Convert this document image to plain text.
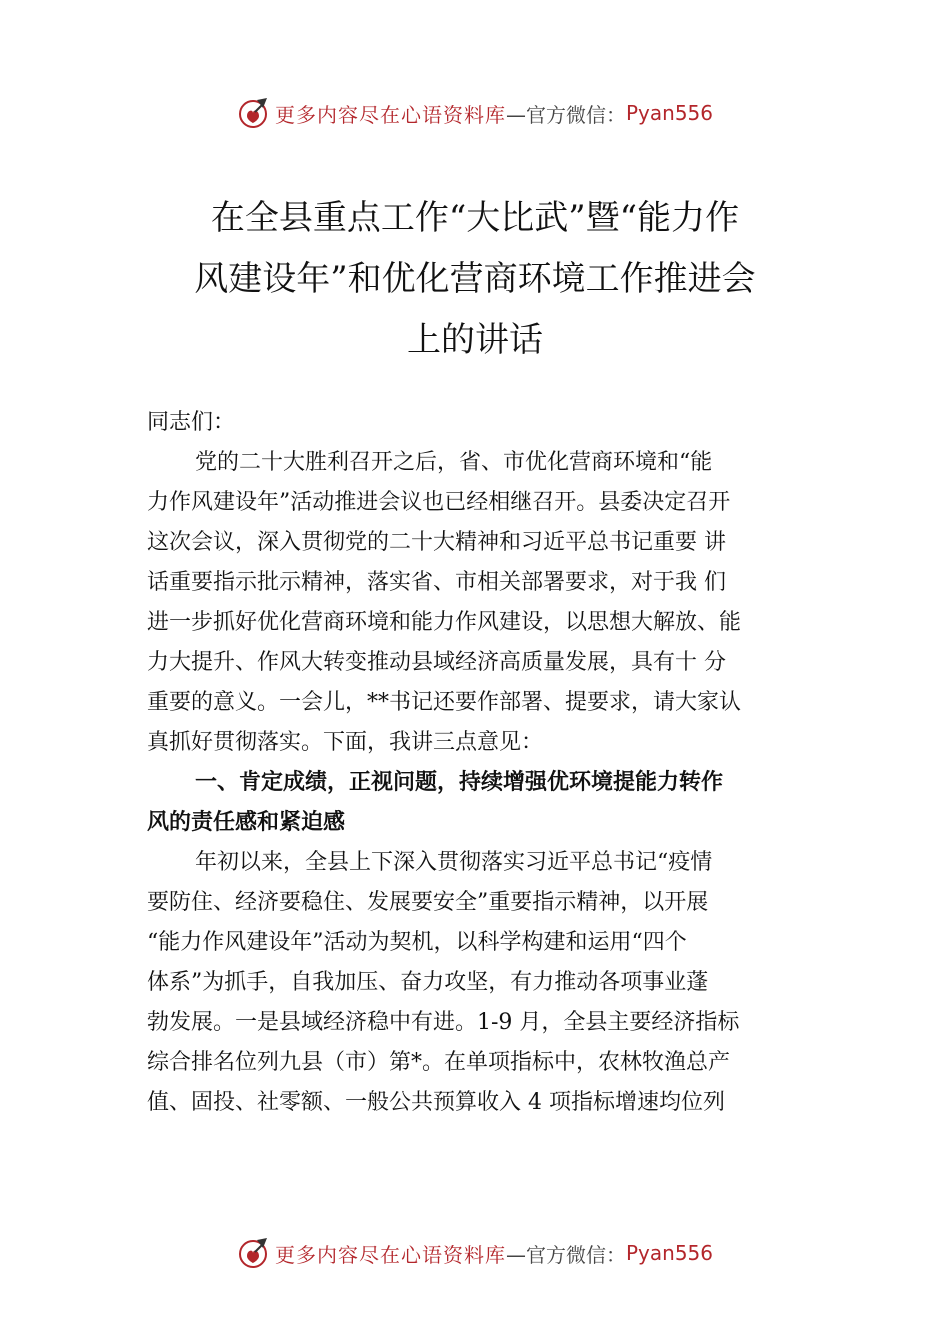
更多内容尽在心语资料库 —官方微信： Pyan556
在全县重点工作“大比武”暨“能力作
风建设年”和优化营商环境工作推进会
上的讲话
同志们：
党的二十大胜利召开之后，省、市优化营商环境和“能
力作风建设年”活动推进会议也已经相继召开。县委决定召开
这次会议，深入贯彻党的二十大精神和习近平总书记重要 讲
话重要指示批示精神，落实省、市相关部署要求，对于我 们
进一步抓好优化营商环境和能力作风建设，以思想大解放、能
力大提升、作风大转变推动县域经济高质量发展，具有十 分
重要的意义。一会儿，**书记还要作部署、提要求，请大家认
真抓好贯彻落实。下面，我讲三点意见：
一、肯定成绩，正视问题，持续增强优环境提能力转作
风的责任感和紧迫感
年初以来，全县上下深入贯彻落实习近平总书记“疫情
要防住、经济要稳住、发展要安全”重要指示精神，以开展
“能力作风建设年”活动为契机，以科学构建和运用“四个
体系”为抓手，自我加压、奋力攻坚，有力推动各项事业蓬
勃发展。一是县域经济稳中有进。1-9 月，全县主要经济指标
综合排名位列九县（市）第*。在单项指标中，农林牧渔总产
值、固投、社零额、一般公共预算收入 4 项指标增速均位列
更多内容尽在心语资料库 —官方微信： Pyan556
